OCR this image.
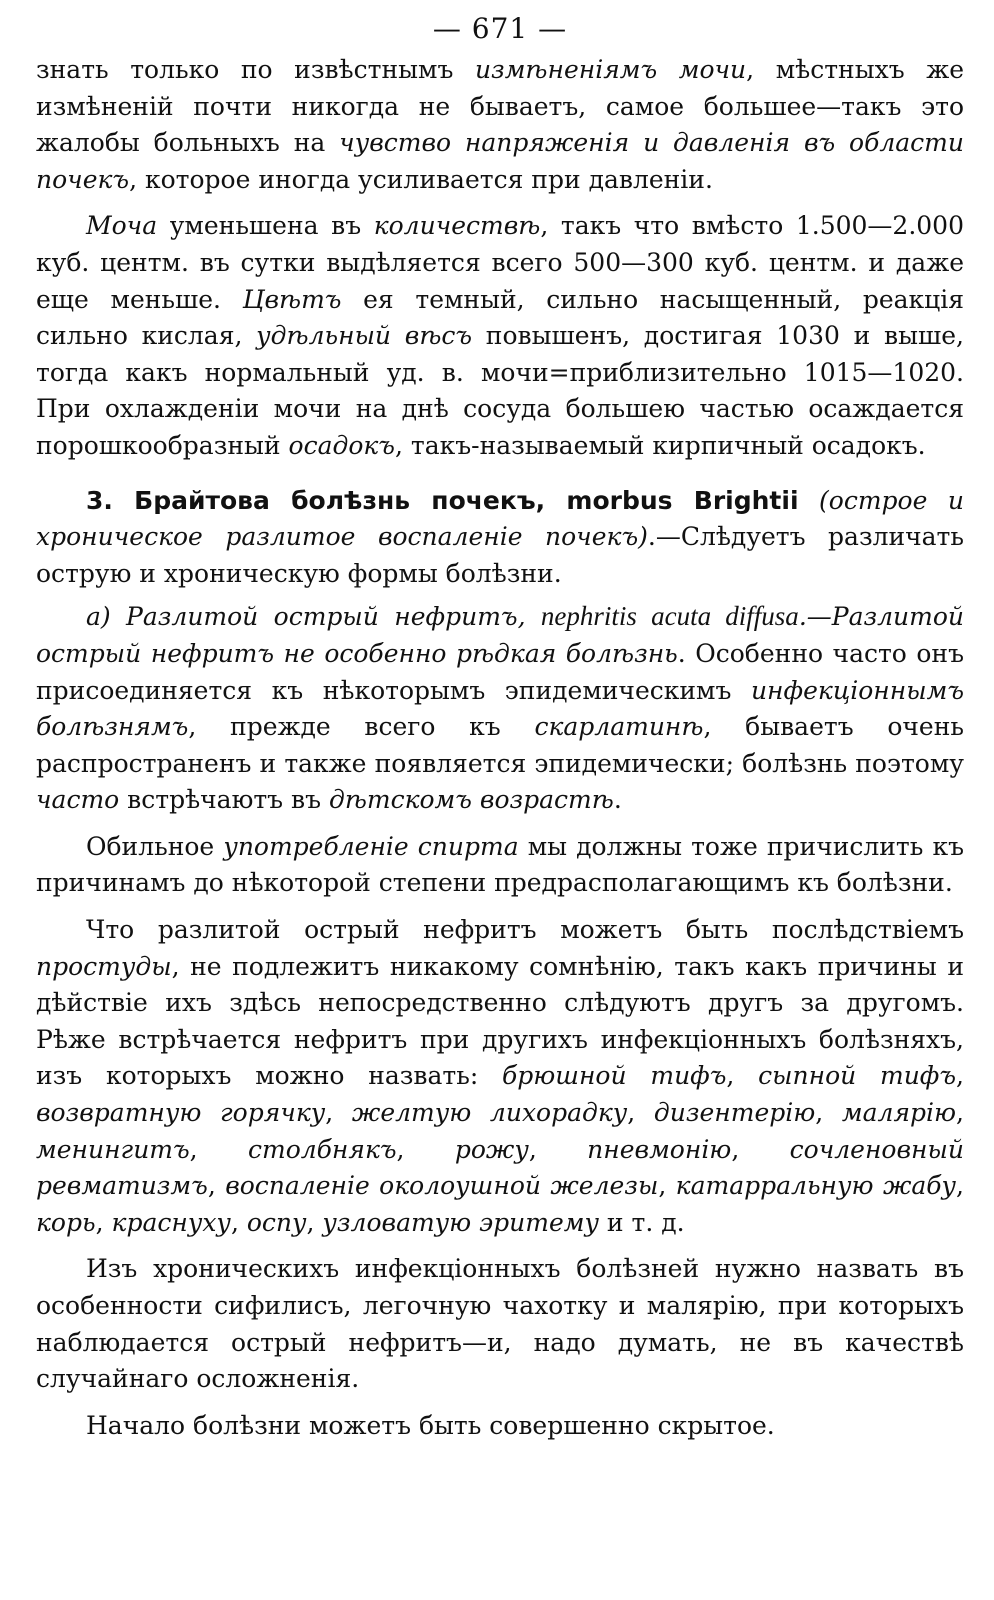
— 671 —

знать только по извѣстнымъ измѣненіямъ мочи, мѣстныхъ же измѣненій почти никогда не бываетъ, самое большее—такъ это жалобы больныхъ на чувство напряженія и давленія въ области почекъ, которое иногда усиливается при давленіи.

Моча уменьшена въ количествѣ, такъ что вмѣсто 1.500—2.000 куб. центм. въ сутки выдѣляется всего 500—300 куб. центм. и даже еще меньше. Цвѣтъ ея темный, сильно насыщенный, реакція сильно кислая, удѣльный вѣсъ повышенъ, достигая 1030 и выше, тогда какъ нормальный уд. в. мочи=приблизительно 1015—1020. При охлажденіи мочи на днѣ сосуда большею частью осаждается порошкообразный осадокъ, такъ-называемый кирпичный осадокъ.

3. Брайтова болѣзнь почекъ, morbus Brightii (острое и хроническое разлитое воспаленіе почекъ).—Слѣдуетъ различать острую и хроническую формы болѣзни.

а) Разлитой острый нефритъ, nephritis acuta diffusa.—Разлитой острый нефритъ не особенно рѣдкая болѣзнь. Особенно часто онъ присоединяется къ нѣкоторымъ эпидемическимъ инфекціоннымъ болѣзнямъ, прежде всего къ скарлатинѣ, бываетъ очень распространенъ и также появляется эпидемически; болѣзнь поэтому часто встрѣчаютъ въ дѣтскомъ возрастѣ.

Обильное употребленіе спирта мы должны тоже причислить къ причинамъ до нѣкоторой степени предрасполагающимъ къ болѣзни.

Что разлитой острый нефритъ можетъ быть послѣдствіемъ простуды, не подлежитъ никакому сомнѣнію, такъ какъ причины и дѣйствіе ихъ здѣсь непосредственно слѣдуютъ другъ за другомъ. Рѣже встрѣчается нефритъ при другихъ инфекціонныхъ болѣзняхъ, изъ которыхъ можно назвать: брюшной тифъ, сыпной тифъ, возвратную горячку, желтую лихорадку, дизентерію, малярію, менингитъ, столбнякъ, рожу, пневмонію, сочленовный ревматизмъ, воспаленіе околоушной железы, катарральную жабу, корь, краснуху, оспу, узловатую эритему и т. д.

Изъ хроническихъ инфекціонныхъ болѣзней нужно назвать въ особенности сифилисъ, легочную чахотку и малярію, при которыхъ наблюдается острый нефритъ—и, надо думать, не въ качествѣ случайнаго осложненія.

Начало болѣзни можетъ быть совершенно скрытое.
